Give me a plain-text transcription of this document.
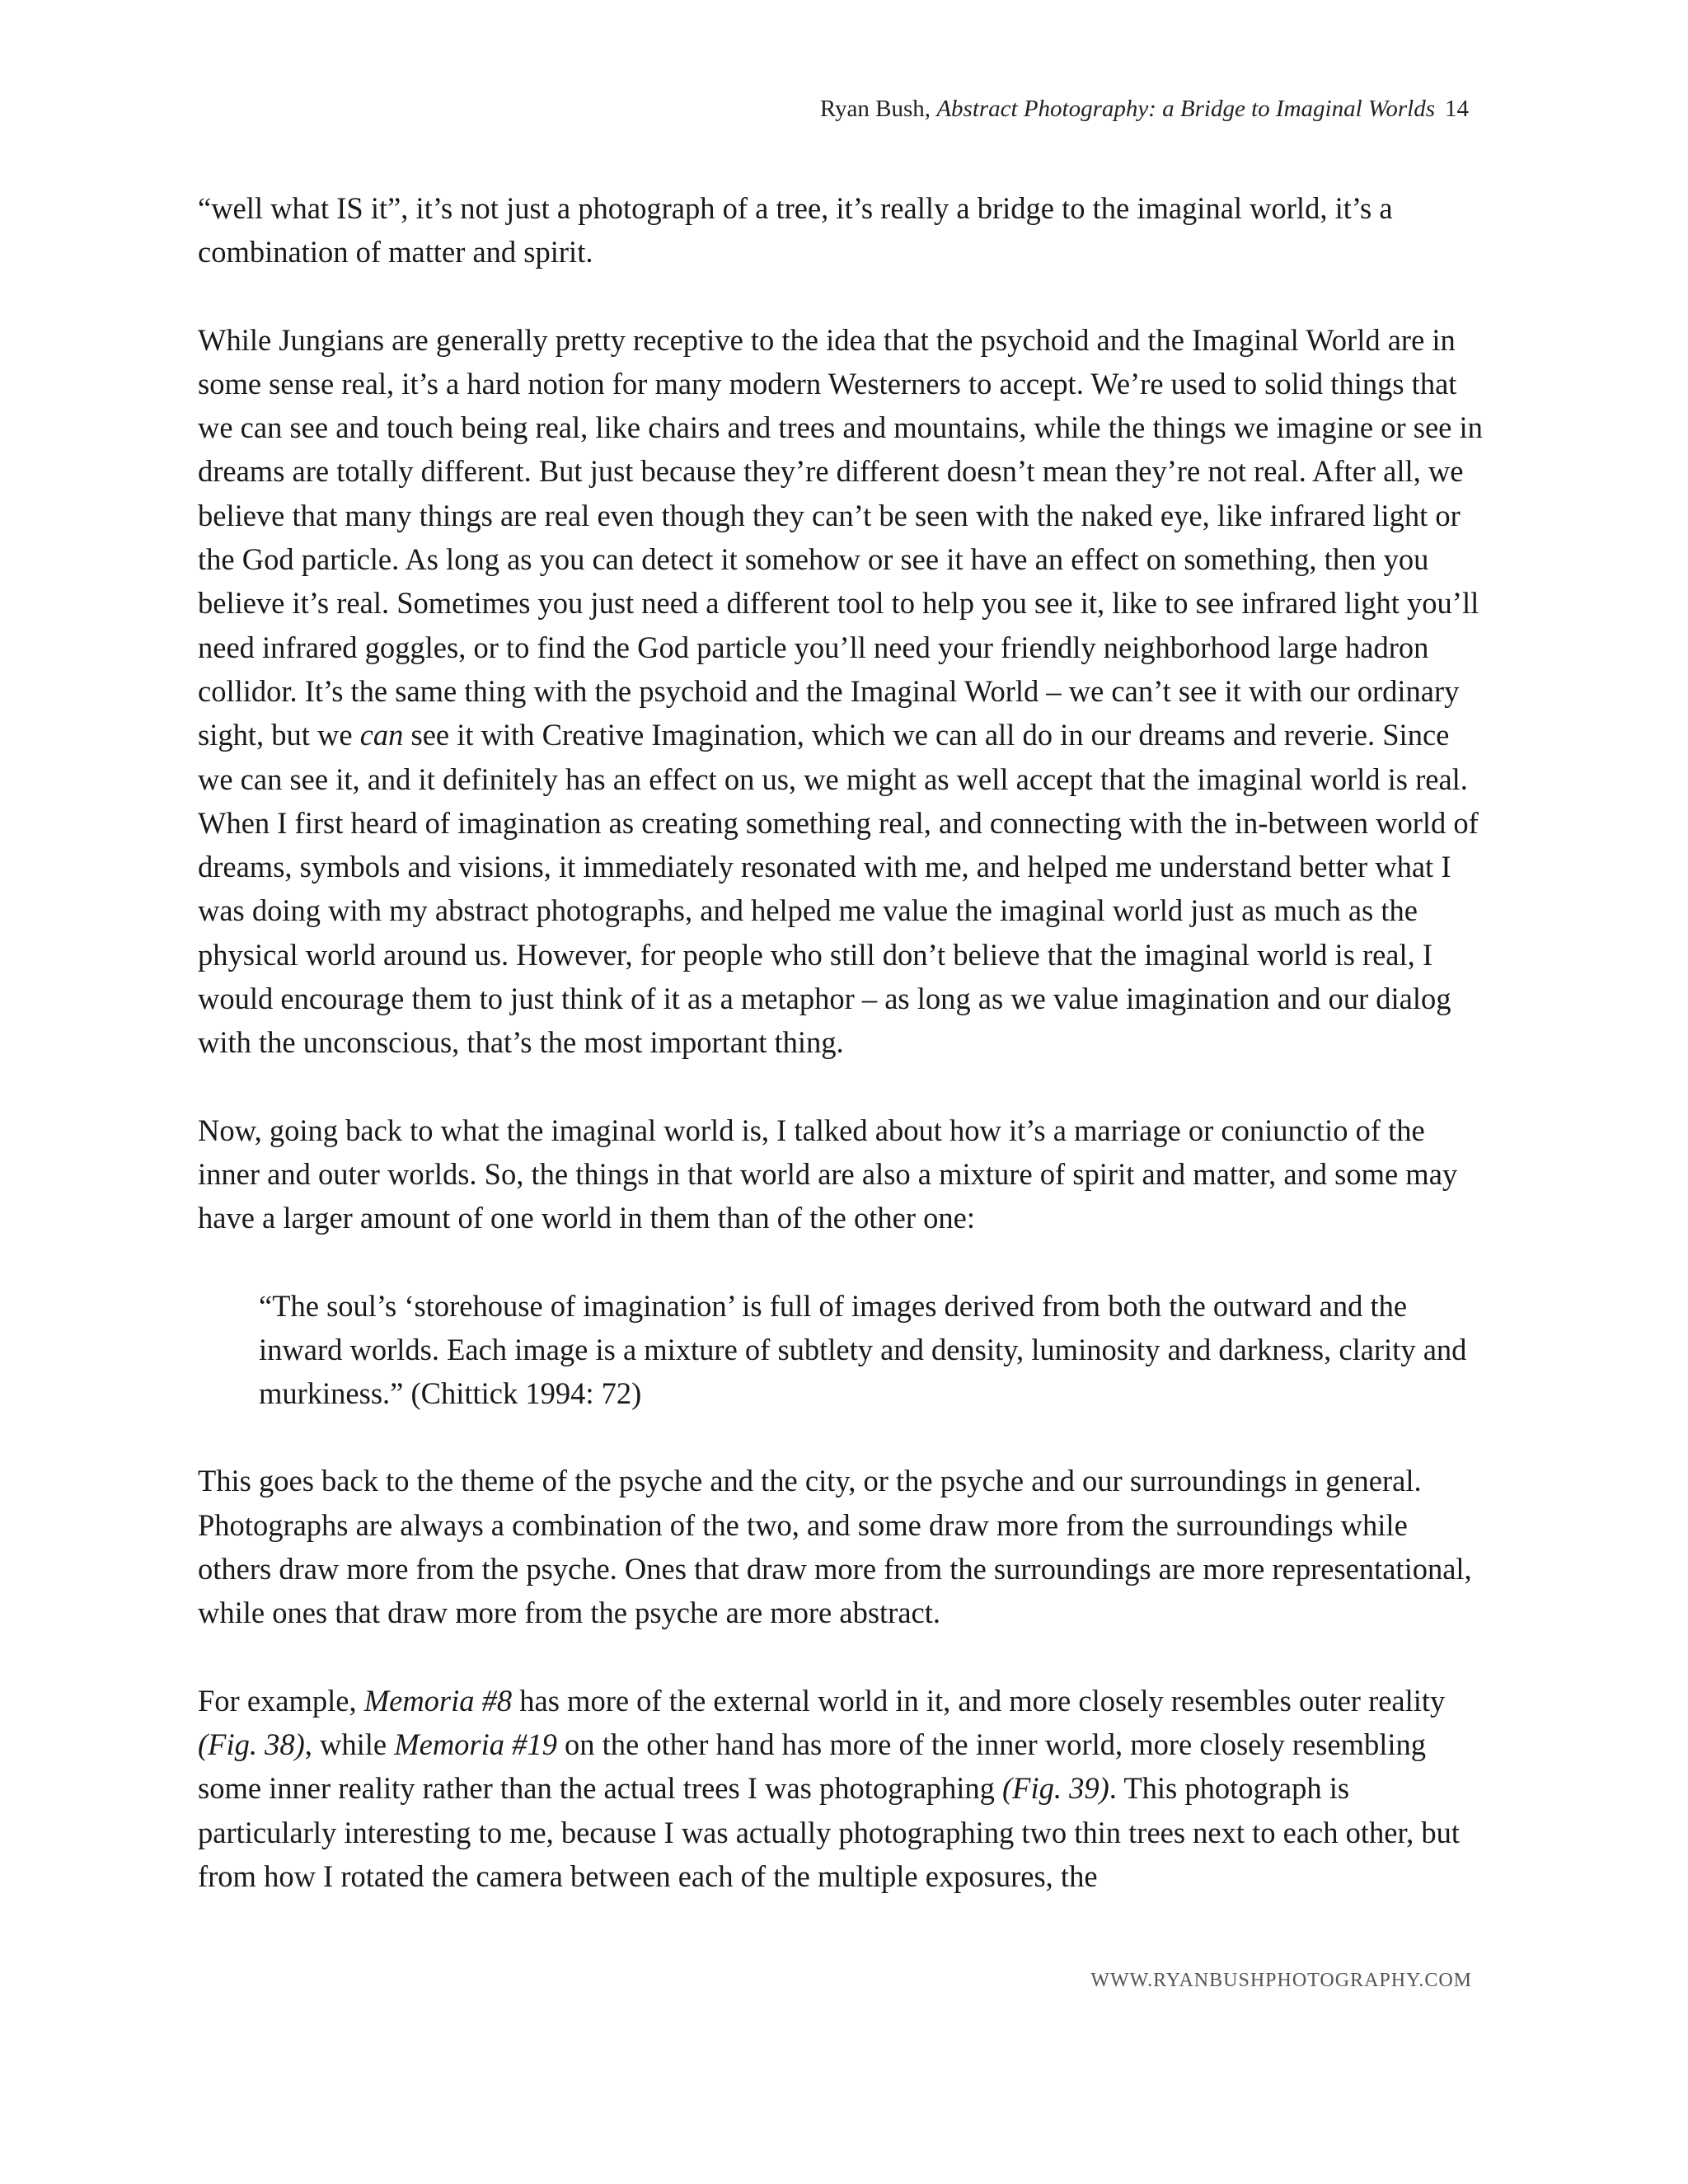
Ryan Bush, Abstract Photography: a Bridge to Imaginal Worlds 14

“well what IS it”, it’s not just a photograph of a tree, it’s really a bridge to the imaginal world, it’s a combination of matter and spirit.

While Jungians are generally pretty receptive to the idea that the psychoid and the Imaginal World are in some sense real, it’s a hard notion for many modern Westerners to accept. We’re used to solid things that we can see and touch being real, like chairs and trees and mountains, while the things we imagine or see in dreams are totally different. But just because they’re different doesn’t mean they’re not real. After all, we believe that many things are real even though they can’t be seen with the naked eye, like infrared light or the God particle. As long as you can detect it somehow or see it have an effect on something, then you believe it’s real. Sometimes you just need a different tool to help you see it, like to see infrared light you’ll need infrared goggles, or to find the God particle you’ll need your friendly neighborhood large hadron collidor. It’s the same thing with the psychoid and the Imaginal World – we can’t see it with our ordinary sight, but we can see it with Creative Imagination, which we can all do in our dreams and reverie. Since we can see it, and it definitely has an effect on us, we might as well accept that the imaginal world is real. When I first heard of imagination as creating something real, and connecting with the in-between world of dreams, symbols and visions, it immediately resonated with me, and helped me understand better what I was doing with my abstract photographs, and helped me value the imaginal world just as much as the physical world around us. However, for people who still don’t believe that the imaginal world is real, I would encourage them to just think of it as a metaphor – as long as we value imagination and our dialog with the unconscious, that’s the most important thing.

Now, going back to what the imaginal world is, I talked about how it’s a marriage or coniunctio of the inner and outer worlds. So, the things in that world are also a mixture of spirit and matter, and some may have a larger amount of one world in them than of the other one:

“The soul’s ‘storehouse of imagination’ is full of images derived from both the outward and the inward worlds. Each image is a mixture of subtlety and density, luminosity and darkness, clarity and murkiness.” (Chittick 1994: 72)

This goes back to the theme of the psyche and the city, or the psyche and our surroundings in general. Photographs are always a combination of the two, and some draw more from the surroundings while others draw more from the psyche. Ones that draw more from the surroundings are more representational, while ones that draw more from the psyche are more abstract.

For example, Memoria #8 has more of the external world in it, and more closely resembles outer reality (Fig. 38), while Memoria #19 on the other hand has more of the inner world, more closely resembling some inner reality rather than the actual trees I was photographing (Fig. 39). This photograph is particularly interesting to me, because I was actually photographing two thin trees next to each other, but from how I rotated the camera between each of the multiple exposures, the

WWW.RYANBUSHPHOTOGRAPHY.COM
